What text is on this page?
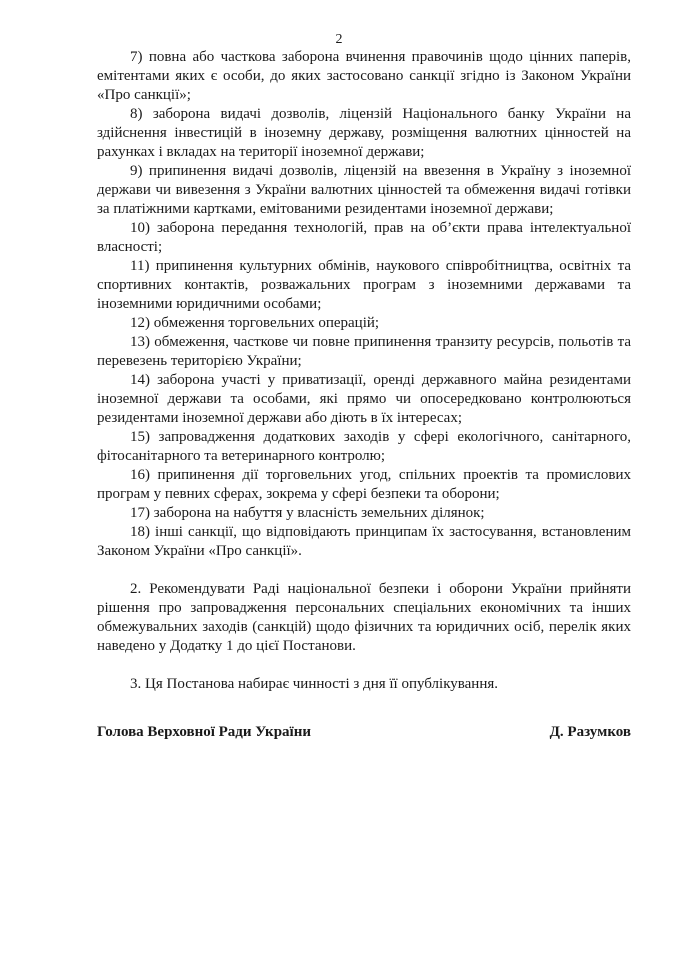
2

7) повна або часткова заборона вчинення правочинів щодо цінних паперів, емітентами яких є особи, до яких застосовано санкції згідно із Законом України «Про санкції»;

8) заборона видачі дозволів, ліцензій Національного банку України на здійснення інвестицій в іноземну державу, розміщення валютних цінностей на рахунках і вкладах на території іноземної держави;

9) припинення видачі дозволів, ліцензій на ввезення в Україну з іноземної держави чи вивезення з України валютних цінностей та обмеження видачі готівки за платіжними картками, емітованими резидентами іноземної держави;

10) заборона передання технологій, прав на об’єкти права інтелектуальної власності;

11) припинення культурних обмінів, наукового співробітництва, освітніх та спортивних контактів, розважальних програм з іноземними державами та іноземними юридичними особами;

12) обмеження торговельних операцій;

13) обмеження, часткове чи повне припинення транзиту ресурсів, польотів та перевезень територією України;

14) заборона участі у приватизації, оренді державного майна резидентами іноземної держави та особами, які прямо чи опосередковано контролюються резидентами іноземної держави або діють в їх інтересах;

15) запровадження додаткових заходів у сфері екологічного, санітарного, фітосанітарного та ветеринарного контролю;

16) припинення дії торговельних угод, спільних проектів та промислових програм у певних сферах, зокрема у сфері безпеки та оборони;

17) заборона на набуття у власність земельних ділянок;

18) інші санкції, що відповідають принципам їх застосування, встановленим Законом України «Про санкції».

2. Рекомендувати Раді національної безпеки і оборони України прийняти рішення про запровадження персональних спеціальних економічних та інших обмежувальних заходів (санкцій) щодо фізичних та юридичних осіб, перелік яких наведено у Додатку 1 до цієї Постанови.

3. Ця Постанова набирає чинності з дня її опублікування.

Голова Верховної Ради України	Д. Разумков
